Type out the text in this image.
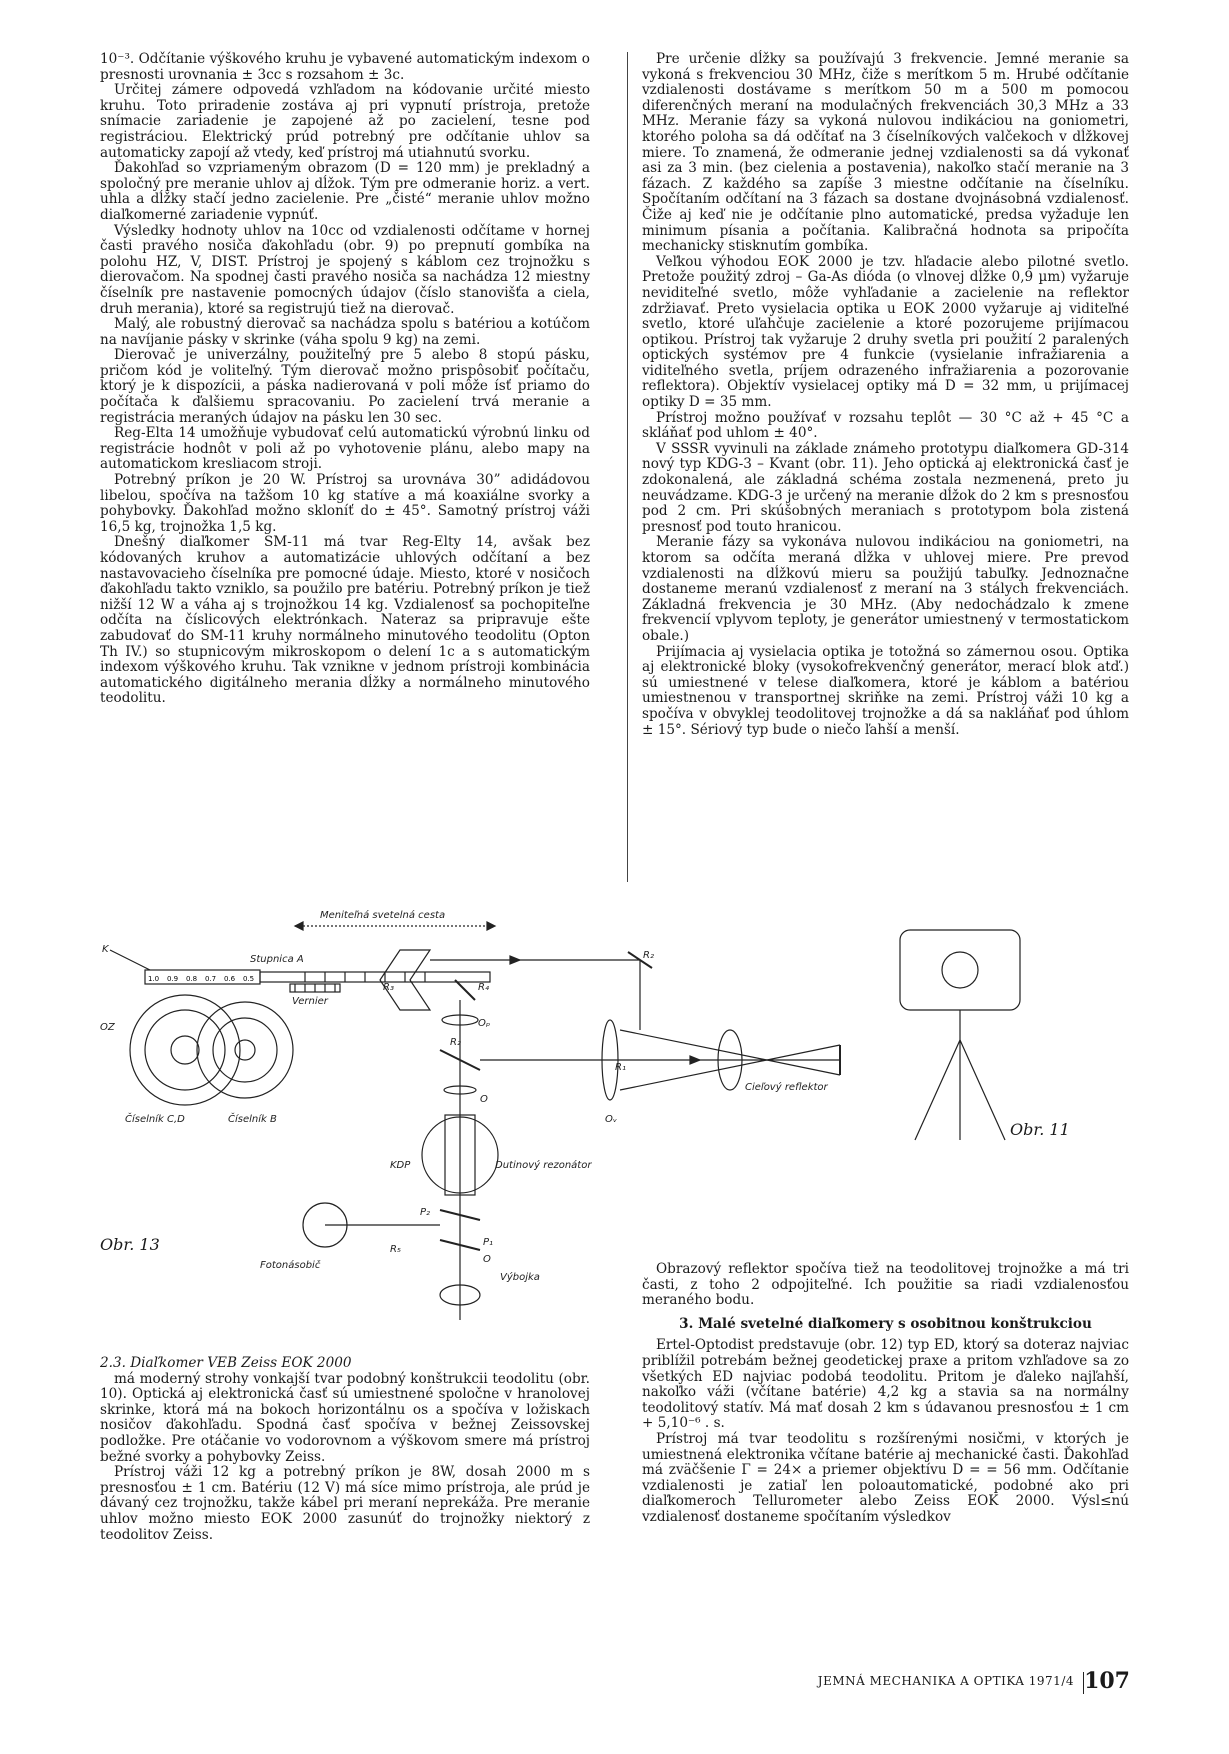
10⁻³. Odčítanie výškového kruhu je vybavené automatickým indexom o presnosti urovnania ± 3cc s rozsahom ± 3c.

Určitej zámere odpovedá vzhľadom na kódovanie určité miesto kruhu. Toto priradenie zostáva aj pri vypnutí prístroja, pretože snímacie zariadenie je zapojené až po zacielení, tesne pod registráciou. Elektrický prúd potrebný pre odčítanie uhlov sa automaticky zapojí až vtedy, keď prístroj má utiahnutú svorku.

Ďakohľad so vzpriameným obrazom (D = 120 mm) je prekladný a spoločný pre meranie uhlov aj dĺžok. Tým pre odmeranie horiz. a vert. uhla a dĺžky stačí jedno zacielenie. Pre „čisté“ meranie uhlov možno diaľkomerné zariadenie vypnúť.

Výsledky hodnoty uhlov na 10cc od vzdialenosti odčítame v hornej časti pravého nosiča ďakohľadu (obr. 9) po prepnutí gombíka na polohu HZ, V, DIST. Prístroj je spojený s káblom cez trojnožku s dierovačom. Na spodnej časti pravého nosiča sa nachádza 12 miestny číselník pre nastavenie pomocných údajov (číslo stanovišťa a ciela, druh merania), ktoré sa registrujú tiež na dierovač.

Malý, ale robustný dierovač sa nachádza spolu s batériou a kotúčom na navíjanie pásky v skrinke (váha spolu 9 kg) na zemi.

Dierovač je univerzálny, použiteľný pre 5 alebo 8 stopú pásku, pričom kód je voliteľný. Tým dierovač možno prispôsobiť počítaču, ktorý je k dispozícii, a páska nadierovaná v poli môže ísť priamo do počítača k ďalšiemu spracovaniu. Po zacielení trvá meranie a registrácia meraných údajov na pásku len 30 sec.

Reg-Elta 14 umožňuje vybudovať celú automatickú výrobnú linku od registrácie hodnôt v poli až po vyhotovenie plánu, alebo mapy na automatickom kresliacom stroji.

Potrebný príkon je 20 W. Prístroj sa urovnáva 30” adidádovou libelou, spočíva na tažšom 10 kg statíve a má koaxiálne svorky a pohybovky. Ďakohľad možno skloníť do ± 45°. Samotný prístroj váži 16,5 kg, trojnožka 1,5 kg.

Dnešný diaľkomer SM-11 má tvar Reg-Elty 14, avšak bez kódovaných kruhov a automatizácie uhlových odčítaní a bez nastavovacieho číselníka pre pomocné údaje. Miesto, ktoré v nosičoch ďakohľadu takto vzniklo, sa použilo pre batériu. Potrebný príkon je tiež nižší 12 W a váha aj s trojnožkou 14 kg. Vzdialenosť sa pochopiteľne odčíta na číslicových elektrónkach. Nateraz sa pripravuje ešte zabudovať do SM-11 kruhy normálneho minutového teodolitu (Opton Th IV.) so stupnicovým mikroskopom o delení 1c a s automatickým indexom výškového kruhu. Tak vznikne v jednom prístroji kombinácia automatického digitálneho merania dĺžky a normálneho minutového teodolitu.

Pre určenie dĺžky sa používajú 3 frekvencie. Jemné meranie sa vykoná s frekvenciou 30 MHz, čiže s merítkom 5 m. Hrubé odčítanie vzdialenosti dostávame s merítkom 50 m a 500 m pomocou diferenčných meraní na modulačných frekvenciách 30,3 MHz a 33 MHz. Meranie fázy sa vykoná nulovou indikáciou na goniometri, ktorého poloha sa dá odčítať na 3 číselníkových valčekoch v dĺžkovej miere. To znamená, že odmeranie jednej vzdialenosti sa dá vykonať asi za 3 min. (bez cielenia a postavenia), nakoľko stačí meranie na 3 fázach. Z každého sa zapíše 3 miestne odčítanie na číselníku. Spočítaním odčítaní na 3 fázach sa dostane dvojnásobná vzdialenosť. Čiže aj keď nie je odčítanie plno automatické, predsa vyžaduje len minimum písania a počítania. Kalibračná hodnota sa pripočíta mechanicky stisknutím gombíka.

Veľkou výhodou EOK 2000 je tzv. hľadacie alebo pilotné svetlo. Pretože použitý zdroj – Ga-As dióda (o vlnovej dĺžke 0,9 µm) vyžaruje neviditeľné svetlo, môže vyhľadanie a zacielenie na reflektor zdržiavať. Preto vysielacia optika u EOK 2000 vyžaruje aj viditeľné svetlo, ktoré uľahčuje zacielenie a ktoré pozorujeme prijímacou optikou. Prístroj tak vyžaruje 2 druhy svetla pri použití 2 paralených optických systémov pre 4 funkcie (vysielanie infražiarenia a viditeľného svetla, príjem odrazeného infražiarenia a pozorovanie reflektora). Objektív vysielacej optiky má D = 32 mm, u prijímacej optiky D = 35 mm.

Prístroj možno používať v rozsahu teplôt — 30 °C až + 45 °C a skláňať pod uhlom ± 40°.

V SSSR vyvinuli na základe známeho prototypu diaľkomera GD-314 nový typ KDG-3 – Kvant (obr. 11). Jeho optická aj elektronická časť je zdokonalená, ale základná schéma zostala nezmenená, preto ju neuvádzame. KDG-3 je určený na meranie dĺžok do 2 km s presnosťou pod 2 cm. Pri skúšobných meraniach s prototypom bola zistená presnosť pod touto hranicou.

Meranie fázy sa vykonáva nulovou indikáciou na goniometri, na ktorom sa odčíta meraná dĺžka v uhlovej miere. Pre prevod vzdialenosti na dĺžkovú mieru sa použijú tabuľky. Jednoznačne dostaneme meranú vzdialenosť z meraní na 3 stálych frekvenciách. Základná frekvencia je 30 MHz. (Aby nedochádzalo k zmene frekvencií vplyvom teploty, je generátor umiestnený v termostatickom obale.)

Prijímacia aj vysielacia optika je totožná so zámernou osou. Optika aj elektronické bloky (vysokofrekvenčný generátor, merací blok atď.) sú umiestnené v telese diaľkomera, ktoré je káblom a batériou umiestnenou v transportnej skriňke na zemi. Prístroj váži 10 kg a spočíva v obvyklej teodolitovej trojnožke a dá sa nakláňať pod úhlom ± 15°. Sériový typ bude o niečo ľahší a menší.

Meniteľná svetelná cesta
K
Stupnica A
Vernier
OZ
Číselník C,D	Číselník B
R₂
R₃	R₄
Oₚ
R₂
O
R₁
Oᵥ
Cieľový reflektor
KDP	Dutinový rezonátor
P₂
P₁
R₅
O
Fotonásobič
Výbojka
1.0 0.9 0.8 0.7 0.6 0.5
Obr. 13
Obr. 11

2.3. Diaľkomer VEB Zeiss EOK 2000

má moderný strohy vonkajší tvar podobný konštrukcii teodolitu (obr. 10). Optická aj elektronická časť sú umiestnené spoločne v hranolovej skrinke, ktorá má na bokoch horizontálnu os a spočíva v ložiskach nosičov ďakohľadu. Spodná časť spočíva v bežnej Zeissovskej podložke. Pre otáčanie vo vodorovnom a výškovom smere má prístroj bežné svorky a pohybovky Zeiss.

Prístroj váži 12 kg a potrebný príkon je 8W, dosah 2000 m s presnosťou ± 1 cm. Batériu (12 V) má síce mimo prístroja, ale prúd je dávaný cez trojnožku, takže kábel pri meraní neprekáža. Pre meranie uhlov možno miesto EOK 2000 zasunúť do trojnožky niektorý z teodolitov Zeiss.

Obrazový reflektor spočíva tiež na teodolitovej trojnožke a má tri časti, z toho 2 odpojiteľné. Ich použitie sa riadi vzdialenosťou meraného bodu.

3. Malé svetelné diaľkomery s osobitnou konštrukciou

Ertel-Optodist predstavuje (obr. 12) typ ED, ktorý sa doteraz najviac priblížil potrebám bežnej geodetickej praxe a pritom vzhľadove sa zo všetkých ED najviac podobá teodolitu. Pritom je ďaleko najľahší, nakoľko váži (včítane batérie) 4,2 kg a stavia sa na normálny teodolitový statív. Má mať dosah 2 km s údavanou presnosťou ± 1 cm + 5,10⁻⁶ . s.

Prístroj má tvar teodolitu s rozšírenými nosičmi, v ktorých je umiestnená elektronika včítane batérie aj mechanické časti. Ďakohľad má zväčšenie Γ = 24× a priemer objektívu D = = 56 mm. Odčítanie vzdialenosti je zatiaľ len poloautomatické, podobné ako pri diaľkomeroch Tellurometer alebo Zeiss EOK 2000. Výsl≤nú vzdialenosť dostaneme spočítaním výsledkov

JEMNÁ MECHANIKA A OPTIKA 1971/4 107
